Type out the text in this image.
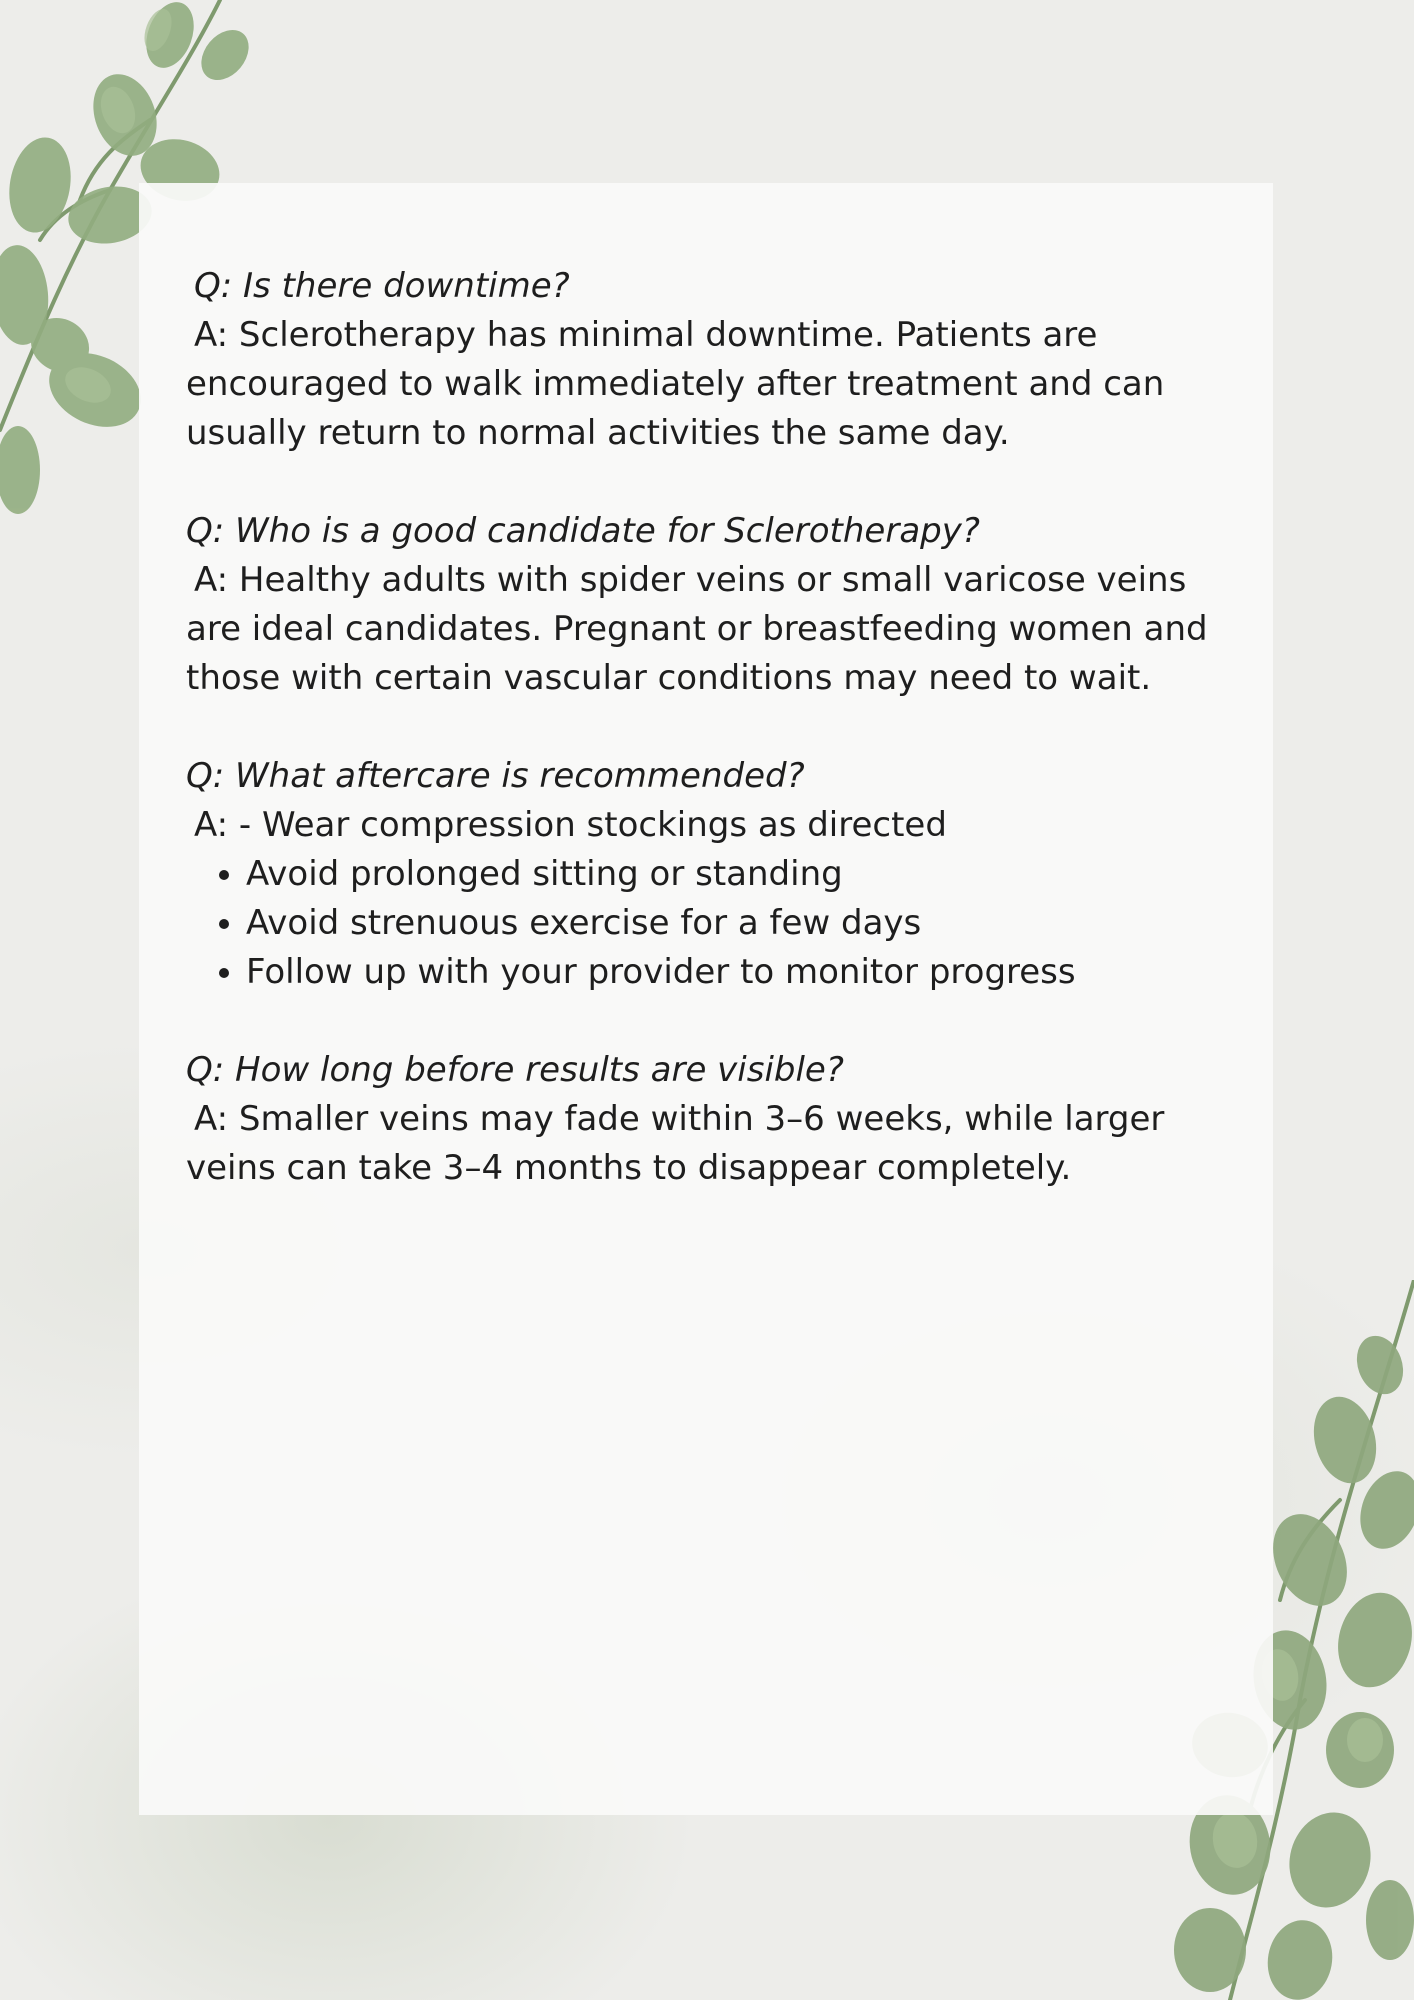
Q: Is there downtime?
A: Sclerotherapy has minimal downtime. Patients are encouraged to walk immediately after treatment and can usually return to normal activities the same day.
Q: Who is a good candidate for Sclerotherapy?
A: Healthy adults with spider veins or small varicose veins are ideal candidates. Pregnant or breastfeeding women and those with certain vascular conditions may need to wait.
Q: What aftercare is recommended?
A: - Wear compression stockings as directed
• Avoid prolonged sitting or standing
• Avoid strenuous exercise for a few days
• Follow up with your provider to monitor progress
Q: How long before results are visible?
A: Smaller veins may fade within 3–6 weeks, while larger veins can take 3–4 months to disappear completely.
